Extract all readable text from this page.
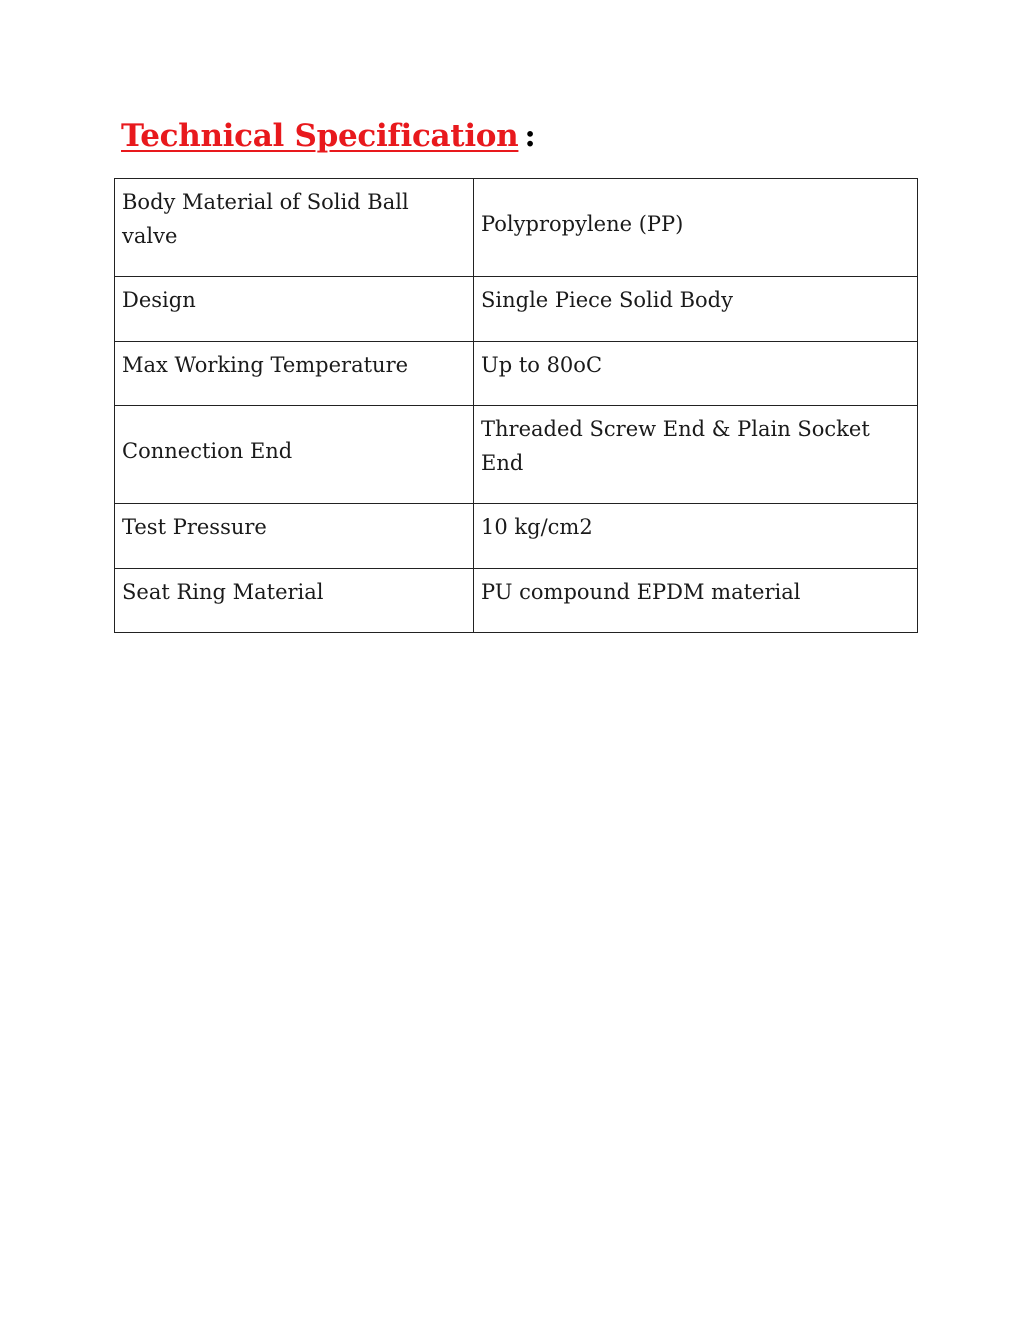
Technical Specification :
Body Material of Solid Ball valve	Polypropylene (PP)

Design	Single Piece Solid Body

Max Working Temperature	Up to 80oC

Connection End	Threaded Screw End & Plain Socket End

Test Pressure	10 kg/cm2

Seat Ring Material	PU compound EPDM material
